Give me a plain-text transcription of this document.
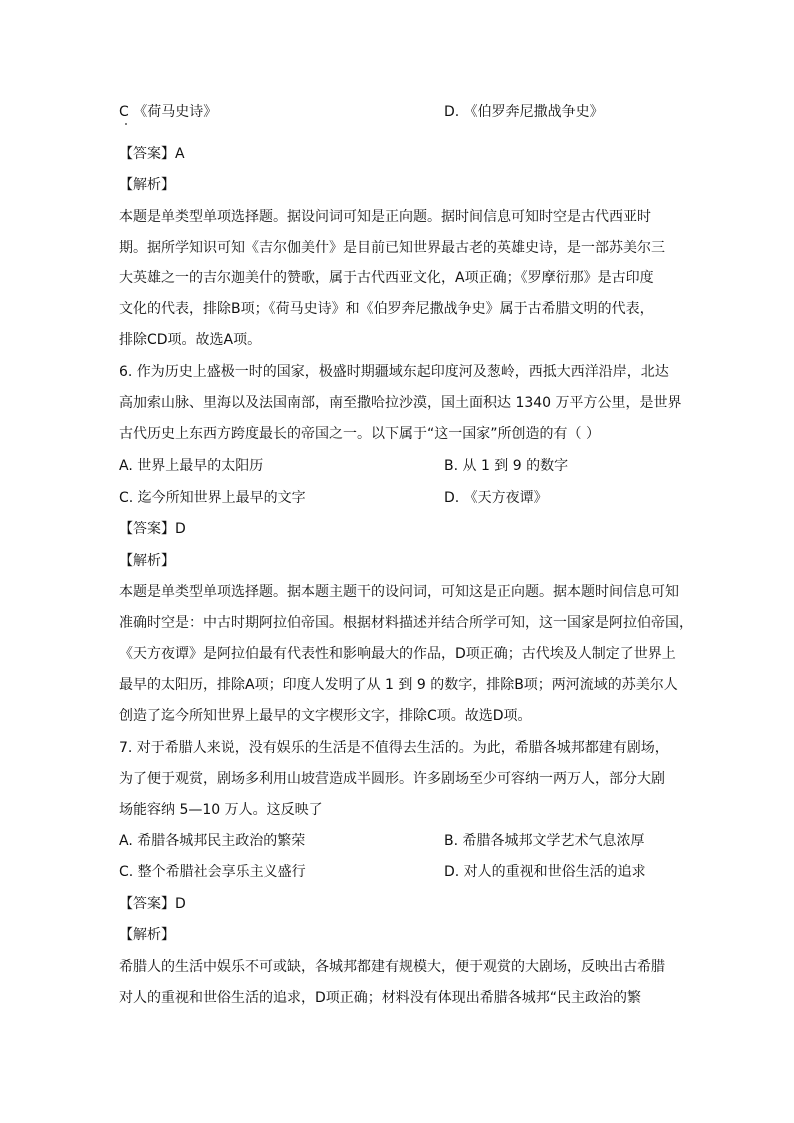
C 《荷马史诗》	D. 《伯罗奔尼撒战争史》
【答案】A
【解析】
本题是单类型单项选择题。据设问词可知是正向题。据时间信息可知时空是古代西亚时
期。据所学知识可知《吉尔伽美什》是目前已知世界最古老的英雄史诗，是一部苏美尔三
大英雄之一的吉尔迦美什的赞歌，属于古代西亚文化，A项正确；《罗摩衍那》是古印度
文化的代表，排除B项；《荷马史诗》和《伯罗奔尼撒战争史》属于古希腊文明的代表，
排除CD项。故选A项。
6. 作为历史上盛极一时的国家，极盛时期疆域东起印度河及葱岭，西抵大西洋沿岸，北达
高加索山脉、里海以及法国南部，南至撒哈拉沙漠，国土面积达 1340 万平方公里，是世界
古代历史上东西方跨度最长的帝国之一。以下属于“这一国家”所创造的有（ ）
A. 世界上最早的太阳历	B. 从 1 到 9 的数字
C. 迄今所知世界上最早的文字	D. 《天方夜谭》
【答案】D
【解析】
本题是单类型单项选择题。据本题主题干的设问词，可知这是正向题。据本题时间信息可知
准确时空是：中古时期阿拉伯帝国。根据材料描述并结合所学可知，这一国家是阿拉伯帝国，
《天方夜谭》是阿拉伯最有代表性和影响最大的作品，D项正确；古代埃及人制定了世界上
最早的太阳历，排除A项；印度人发明了从 1 到 9 的数字，排除B项；两河流域的苏美尔人
创造了迄今所知世界上最早的文字楔形文字，排除C项。故选D项。
7. 对于希腊人来说，没有娱乐的生活是不值得去生活的。为此，希腊各城邦都建有剧场，
为了便于观赏，剧场多利用山坡营造成半圆形。许多剧场至少可容纳一两万人，部分大剧
场能容纳 5—10 万人。这反映了
A. 希腊各城邦民主政治的繁荣	B. 希腊各城邦文学艺术气息浓厚
C. 整个希腊社会享乐主义盛行	D. 对人的重视和世俗生活的追求
【答案】D
【解析】
希腊人的生活中娱乐不可或缺，各城邦都建有规模大，便于观赏的大剧场，反映出古希腊
对人的重视和世俗生活的追求，D项正确；材料没有体现出希腊各城邦“民主政治的繁
